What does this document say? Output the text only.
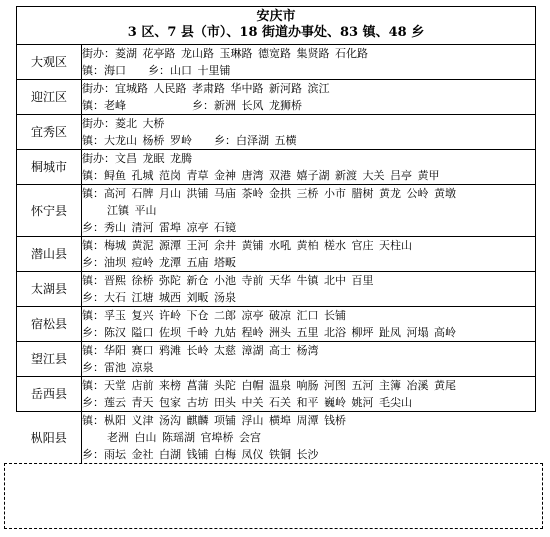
安庆市
3 区、7 县（市）、18 街道办事处、83 镇、48 乡
大观区	街办：菱湖 花亭路 龙山路 玉琳路 德宽路 集贤路 石化路
镇：海口 乡：山口 十里铺

迎江区	街办：宜城路 人民路 孝肃路 华中路 新河路 滨江
镇：老峰 乡：新洲 长风 龙狮桥

宜秀区	街办：菱北 大桥
镇：大龙山 杨桥 罗岭 乡：白泽湖 五横

桐城市	街办：文昌 龙眠 龙腾
镇：鲟鱼 孔城 范岗 青草 金神 唐湾 双港 嬉子湖 新渡 大关 吕亭 黄甲

怀宁县	镇：高河 石牌 月山 洪铺 马庙 茶岭 金拱 三桥 小市 腊树 黄龙 公岭 黄墩
江镇 平山
乡：秀山 清河 雷埠 凉亭 石镜

潜山县	镇：梅城 黄泥 源潭 王河 余井 黄铺 水吼 黄柏 槎水 官庄 天柱山
乡：油坝 痘岭 龙潭 五庙 塔畈

太湖县	镇：晋熙 徐桥 弥陀 新仓 小池 寺前 天华 牛镇 北中 百里
乡：大石 江塘 城西 刘畈 汤泉

宿松县	镇：孚玉 复兴 许岭 下仓 二郎 凉亭 破凉 汇口 长铺
乡：陈汉 隘口 佐坝 千岭 九姑 程岭 洲头 五里 北浴 柳坪 趾凤 河塌 高岭

望江县	镇：华阳 赛口 鸦滩 长岭 太慈 漳湖 高士 杨湾
乡：雷池 凉泉

岳西县	镇：天堂 店前 来榜 菖蒲 头陀 白帽 温泉 响肠 河图 五河 主簿 冶溪 黄尾
乡：莲云 青天 包家 古坊 田头 中关 石关 和平 巍岭 姚河 毛尖山

枞阳县	镇：枞阳 义津 汤沟 麒麟 项铺 浮山 横埠 周潭 钱桥
老洲 白山 陈瑶湖 官埠桥 会宫
乡：雨坛 金社 白湖 钱铺 白梅 凤仪 铁铜 长沙
